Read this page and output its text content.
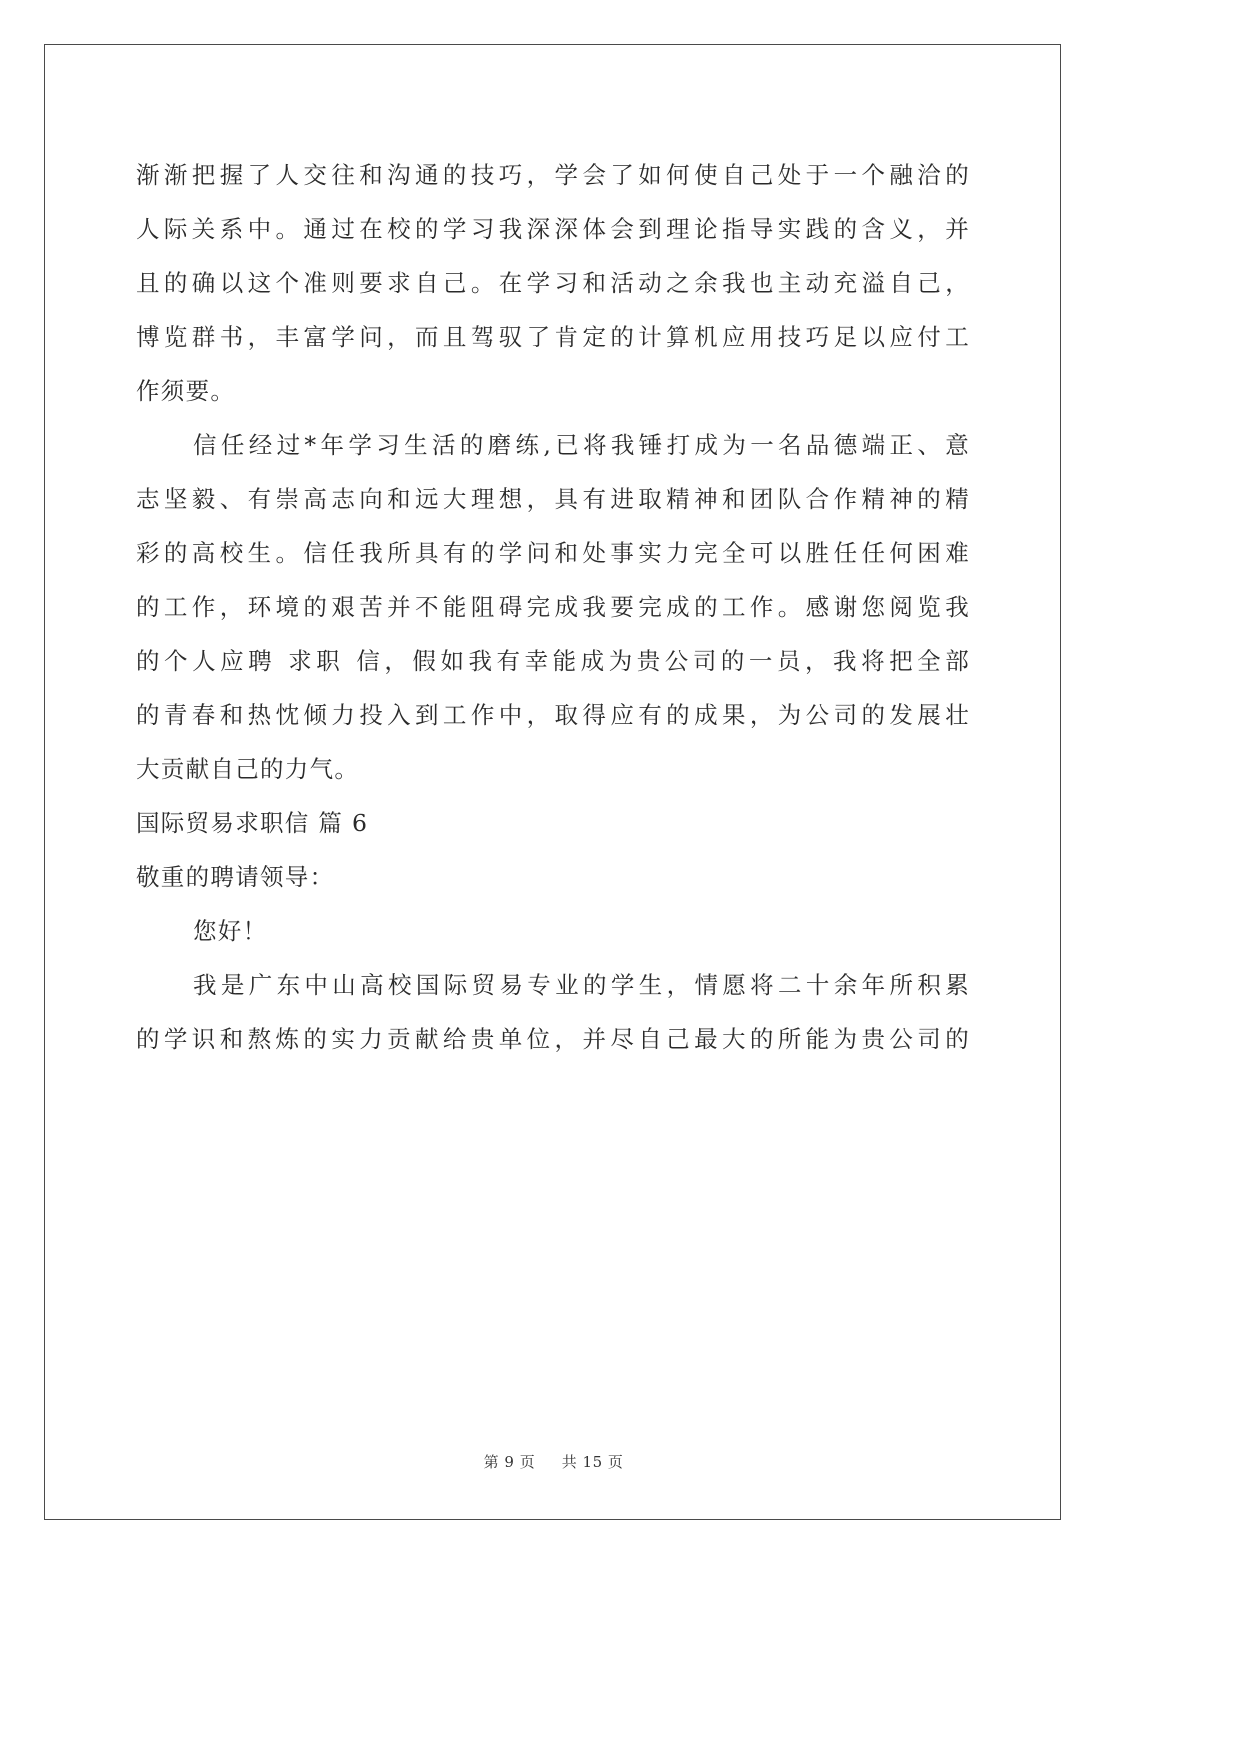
渐渐把握了人交往和沟通的技巧，学会了如何使自己处于一个融洽的
人际关系中。通过在校的学习我深深体会到理论指导实践的含义，并
且的确以这个准则要求自己。在学习和活动之余我也主动充溢自己，
博览群书，丰富学问，而且驾驭了肯定的计算机应用技巧足以应付工
作须要。
信任经过*年学习生活的磨练,已将我锤打成为一名品德端正、意
志坚毅、有崇高志向和远大理想，具有进取精神和团队合作精神的精
彩的高校生。信任我所具有的学问和处事实力完全可以胜任任何困难
的工作，环境的艰苦并不能阻碍完成我要完成的工作。感谢您阅览我
的个人应聘 求职 信，假如我有幸能成为贵公司的一员，我将把全部
的青春和热忱倾力投入到工作中，取得应有的成果，为公司的发展壮
大贡献自己的力气。
国际贸易求职信 篇 6
敬重的聘请领导：
您好！
我是广东中山高校国际贸易专业的学生，情愿将二十余年所积累
的学识和熬炼的实力贡献给贵单位，并尽自己最大的所能为贵公司的
第 9 页 共 15 页
